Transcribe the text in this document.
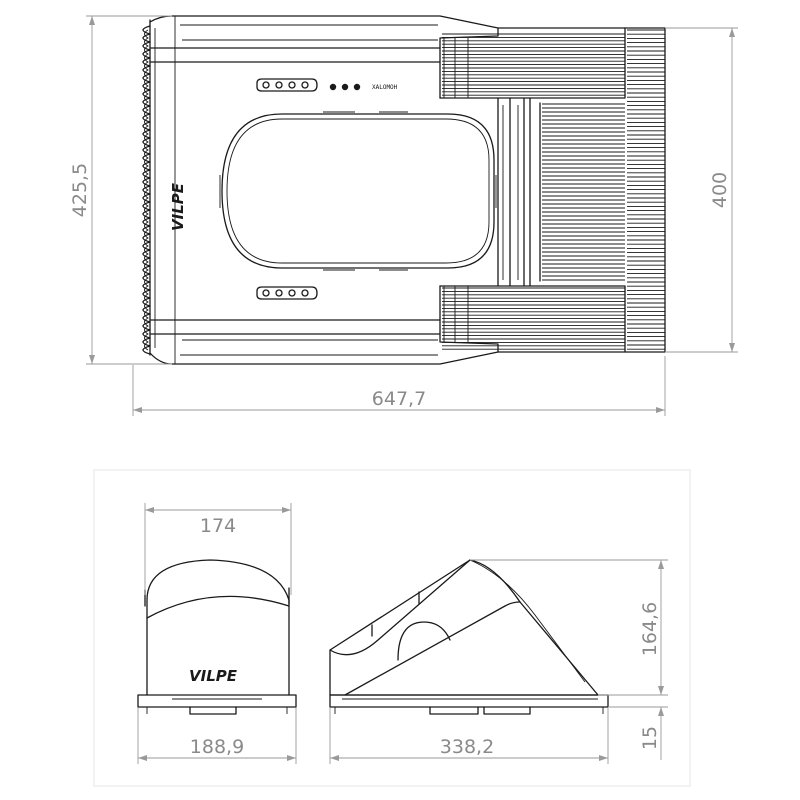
XALOMOH
VILPE
425,5	400
647,7
VILPE
174
188,9
164,6
338,2	15
